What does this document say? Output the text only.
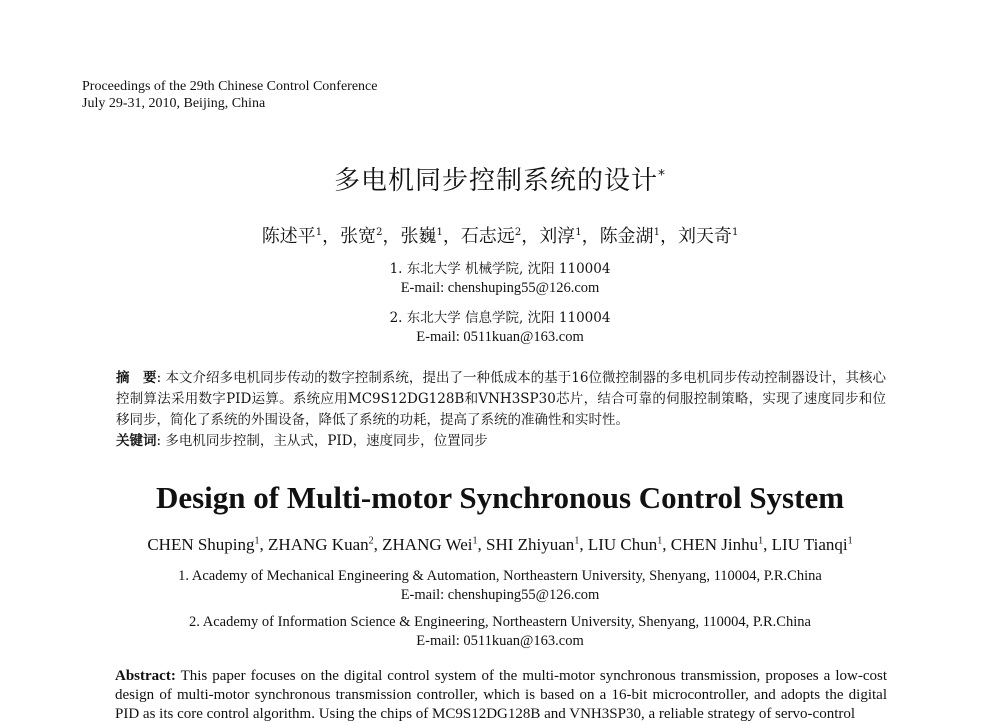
Proceedings of the 29th Chinese Control Conference
July 29-31, 2010, Beijing, China
多电机同步控制系统的设计*
陈述平$^1$，张宽$^2$，张巍$^1$，石志远$^2$，刘淳$^1$，陈金湖$^1$，刘天奇$^1$
1. 东北大学 机械学院, 沈阳 110004
E-mail: chenshuping55@126.com
2. 东北大学 信息学院, 沈阳 110004
E-mail: 0511kuan@163.com
摘　要: 本文介绍多电机同步传动的数字控制系统，提出了一种低成本的基于16位微控制器的多电机同步传动控制器设计，其核心控制算法采用数字PID运算。系统应用MC9S12DG128B和VNH3SP30芯片，结合可靠的伺服控制策略，实现了速度同步和位移同步，简化了系统的外围设备，降低了系统的功耗，提高了系统的准确性和实时性。
关键词: 多电机同步控制，主从式，PID，速度同步，位置同步
Design of Multi-motor Synchronous Control System
CHEN Shuping$^1$, ZHANG Kuan$^2$, ZHANG Wei$^1$, SHI Zhiyuan$^1$, LIU Chun$^1$, CHEN Jinhu$^1$, LIU Tianqi$^1$
1. Academy of Mechanical Engineering & Automation, Northeastern University, Shenyang, 110004, P.R.China
E-mail: chenshuping55@126.com
2. Academy of Information Science & Engineering, Northeastern University, Shenyang, 110004, P.R.China
E-mail: 0511kuan@163.com
Abstract: This paper focuses on the digital control system of the multi-motor synchronous transmission, proposes a low-cost design of multi-motor synchronous transmission controller, which is based on a 16-bit microcontroller, and adopts the digital PID as its core control algorithm. Using the chips of MC9S12DG128B and VNH3SP30, a reliable strategy of servo-control
